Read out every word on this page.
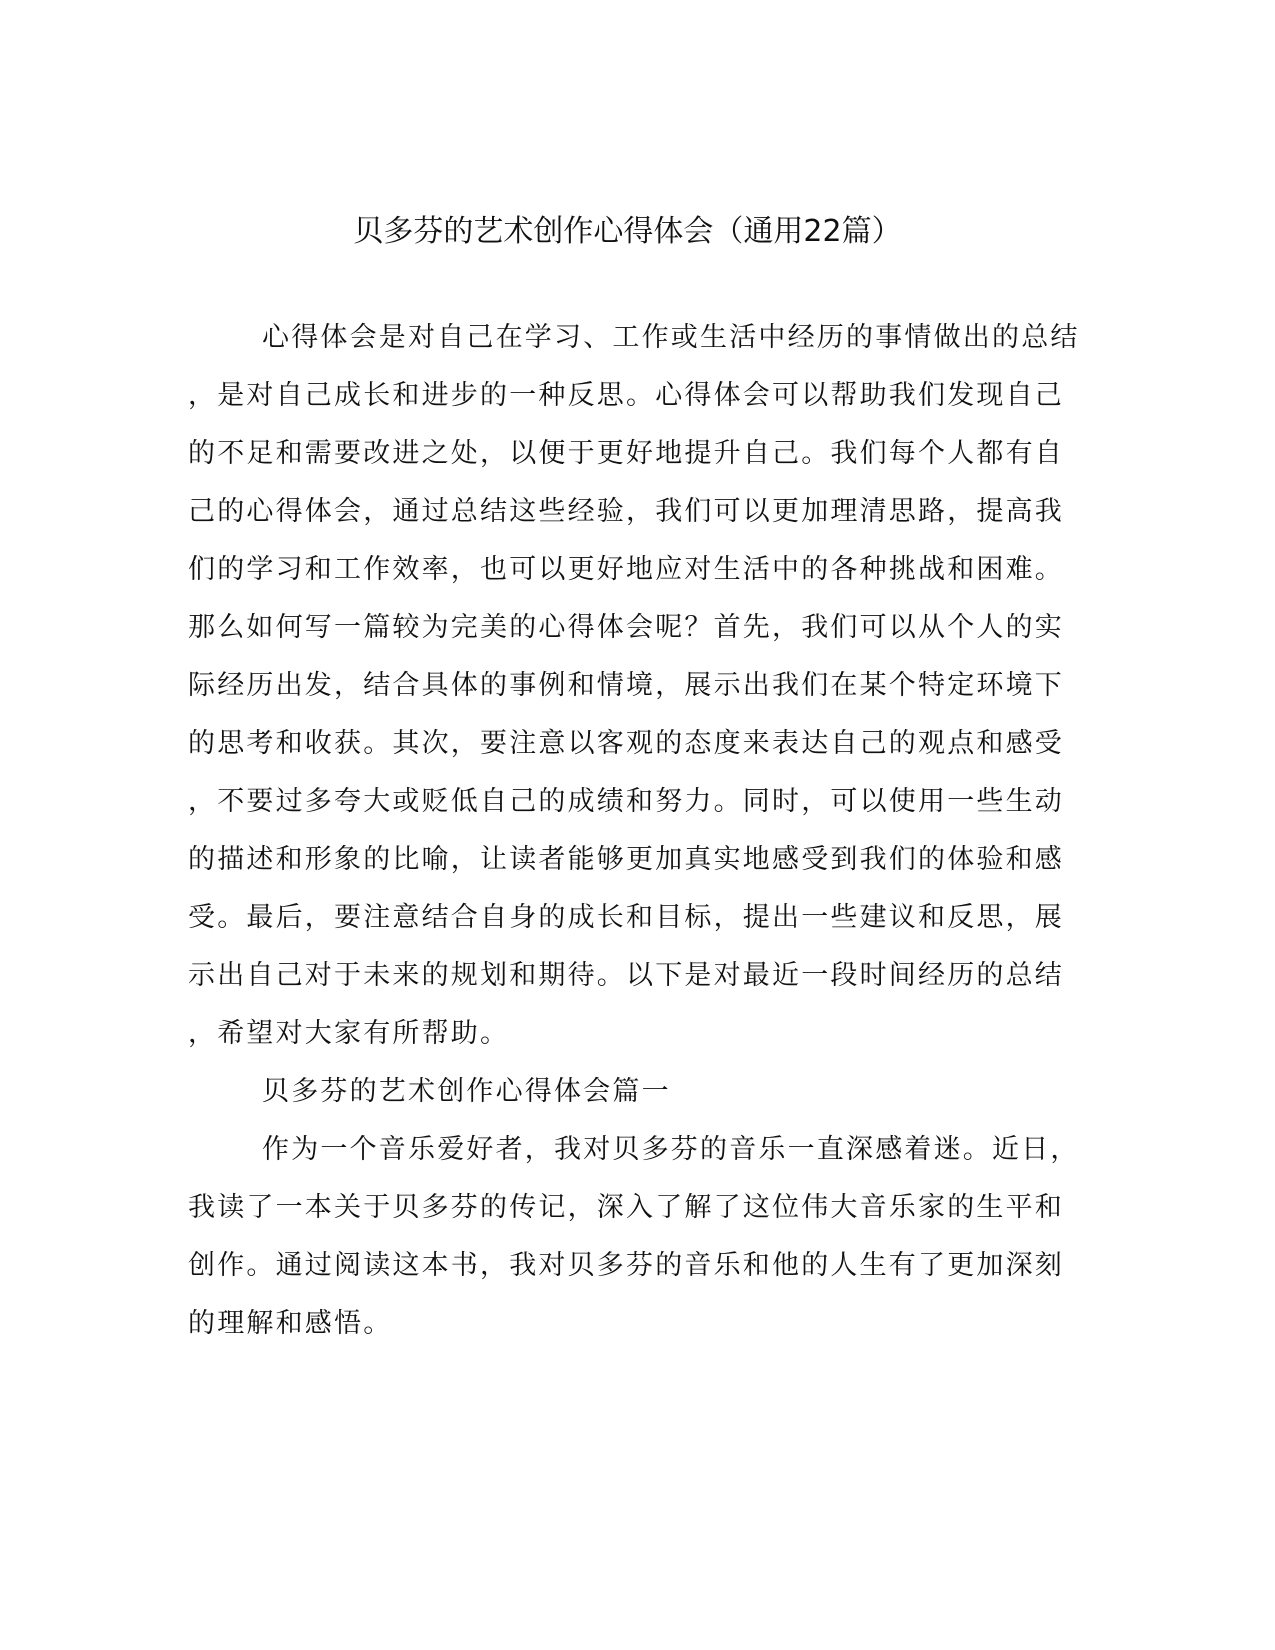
贝多芬的艺术创作心得体会（通用22篇）

心得体会是对自己在学习、工作或生活中经历的事情做出的总结

，是对自己成长和进步的一种反思。心得体会可以帮助我们发现自己

的不足和需要改进之处，以便于更好地提升自己。我们每个人都有自

己的心得体会，通过总结这些经验，我们可以更加理清思路，提高我

们的学习和工作效率，也可以更好地应对生活中的各种挑战和困难。

那么如何写一篇较为完美的心得体会呢？首先，我们可以从个人的实

际经历出发，结合具体的事例和情境，展示出我们在某个特定环境下

的思考和收获。其次，要注意以客观的态度来表达自己的观点和感受

，不要过多夸大或贬低自己的成绩和努力。同时，可以使用一些生动

的描述和形象的比喻，让读者能够更加真实地感受到我们的体验和感

受。最后，要注意结合自身的成长和目标，提出一些建议和反思，展

示出自己对于未来的规划和期待。以下是对最近一段时间经历的总结

，希望对大家有所帮助。

贝多芬的艺术创作心得体会篇一

作为一个音乐爱好者，我对贝多芬的音乐一直深感着迷。近日，

我读了一本关于贝多芬的传记，深入了解了这位伟大音乐家的生平和

创作。通过阅读这本书，我对贝多芬的音乐和他的人生有了更加深刻

的理解和感悟。
